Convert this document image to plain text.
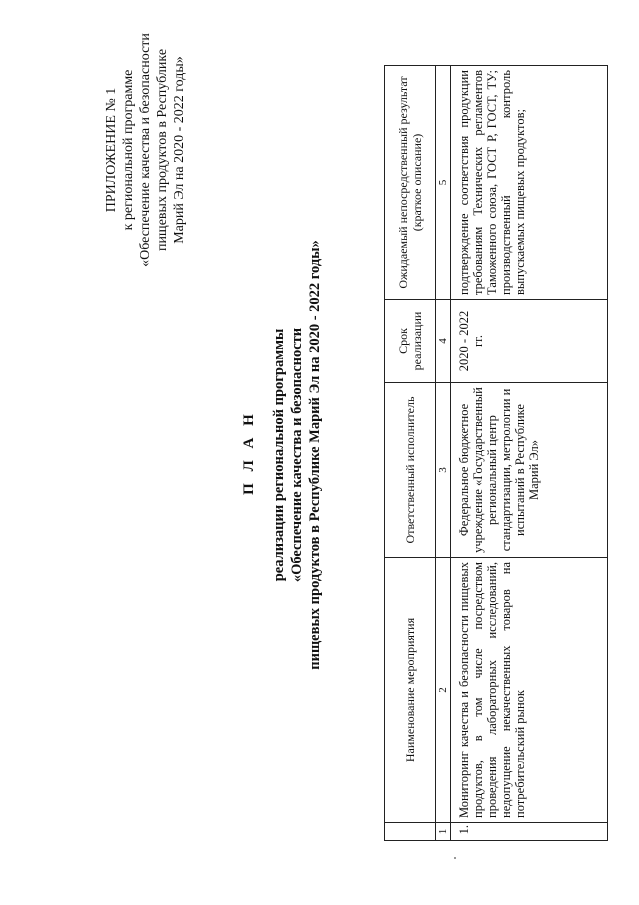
ПРИЛОЖЕНИЕ № 1 к региональной программе «Обеспечение качества и безопасности пищевых продуктов в Республике Марий Эл на 2020 - 2022 годы»
П Л А Н реализации региональной программы «Обеспечение качества и безопасности пищевых продуктов в Республике Марий Эл на 2020 - 2022 годы»
	Наименование мероприятия	Ответственный исполнитель	Срок реализации	Ожидаемый непосредственный результат (краткое описание)
1	2	3	4	5
1.	Мониторинг качества и безопасности пищевых продуктов, в том числе посредством проведения лабораторных исследований, недопущение некачественных товаров на потребительский рынок	Федеральное бюджетное учреждение «Государственный региональный центр стандартизации, метрологии и испытаний в Республике Марий Эл»	2020 - 2022 гг.	подтверждение соответствия продукции требованиям Технических регламентов Таможенного союза, ГОСТ Р, ГОСТ, ТУ; производственный контроль выпускаемых пищевых продуктов;
